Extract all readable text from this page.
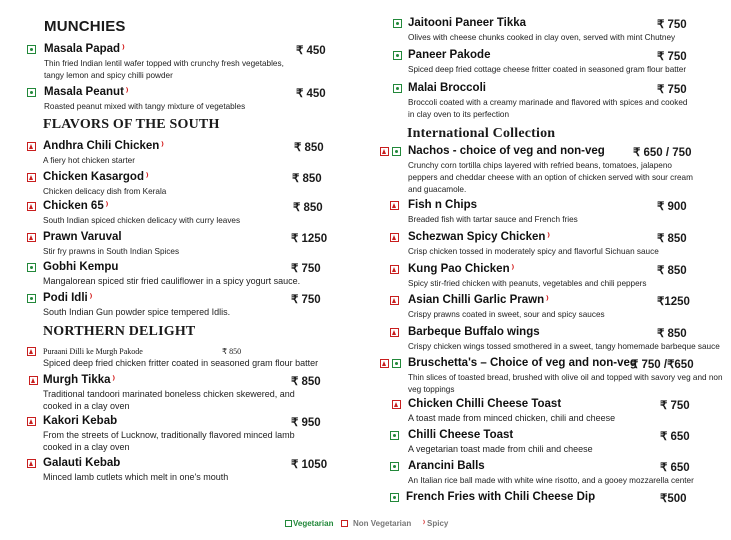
MUNCHIES
FLAVORS OF THE SOUTH
NORTHERN DELIGHT
International Collection
Vegetarian Non Vegetarian ⁾ Spicy
Masala Papad ⁾	₹ 450
Thin fried Indian lentil wafer topped with crunchy fresh vegetables,
tangy lemon and spicy chilli powder
Masala Peanut ⁾	₹ 450
Roasted peanut mixed with tangy mixture of vegetables
Andhra Chili Chicken ⁾	₹ 850
A fiery hot chicken starter
Chicken Kasargod ⁾	₹ 850
Chicken delicacy dish from Kerala
Chicken 65 ⁾	₹ 850
South Indian spiced chicken delicacy with curry leaves
Prawn Varuval	₹ 1250
Stir fry prawns in South Indian Spices
Gobhi Kempu	₹ 750
Mangalorean spiced stir fried cauliflower in a spicy yogurt sauce.
Podi Idli ⁾	₹ 750
South Indian Gun powder spice tempered Idlis.
Puraani Dilli ke Murgh Pakode	₹ 850
Spiced deep fried chicken fritter coated in seasoned gram flour batter
Murgh Tikka ⁾	₹ 850
Traditional tandoori marinated boneless chicken skewered, and
cooked in a clay oven
Kakori Kebab	₹ 950
From the streets of Lucknow, traditionally flavored minced lamb
cooked in a clay oven
Galauti Kebab	₹ 1050
Minced lamb cutlets which melt in one's mouth
Jaitooni Paneer Tikka	₹ 750
Olives with cheese chunks cooked in clay oven, served with mint Chutney
Paneer Pakode	₹ 750
Spiced deep fried cottage cheese fritter coated in seasoned gram flour batter
Malai Broccoli	₹ 750
Broccoli coated with a creamy marinade and flavored with spices and cooked
in clay oven to its perfection
Nachos - choice of veg and non-veg ₹ 650 / 750
Crunchy corn tortilla chips layered with refried beans, tomatoes, jalapeno
peppers and cheddar cheese with an option of chicken served with sour cream
and guacamole.
Fish n Chips	₹ 900
Breaded fish with tartar sauce and French fries
Schezwan Spicy Chicken ⁾	₹ 850
Crisp chicken tossed in moderately spicy and flavorful Sichuan sauce
Kung Pao Chicken ⁾	₹ 850
Spicy stir-fried chicken with peanuts, vegetables and chili peppers
Asian Chilli Garlic Prawn ⁾	₹1250
Crispy prawns coated in sweet, sour and spicy sauces
Barbeque Buffalo wings	₹ 850
Crispy chicken wings tossed smothered in a sweet, tangy homemade barbeque sauce
Bruschetta's – Choice of veg and non-veg
₹ 750 /₹650
Thin slices of toasted bread, brushed with olive oil and topped with savory veg and non
veg toppings
Chicken Chilli Cheese Toast	₹ 750
A toast made from minced chicken, chili and cheese
Chilli Cheese Toast	₹ 650
A vegetarian toast made from chili and cheese
Arancini Balls	₹ 650
An Italian rice ball made with white wine risotto, and a gooey mozzarella center
French Fries with Chili Cheese Dip	₹500
